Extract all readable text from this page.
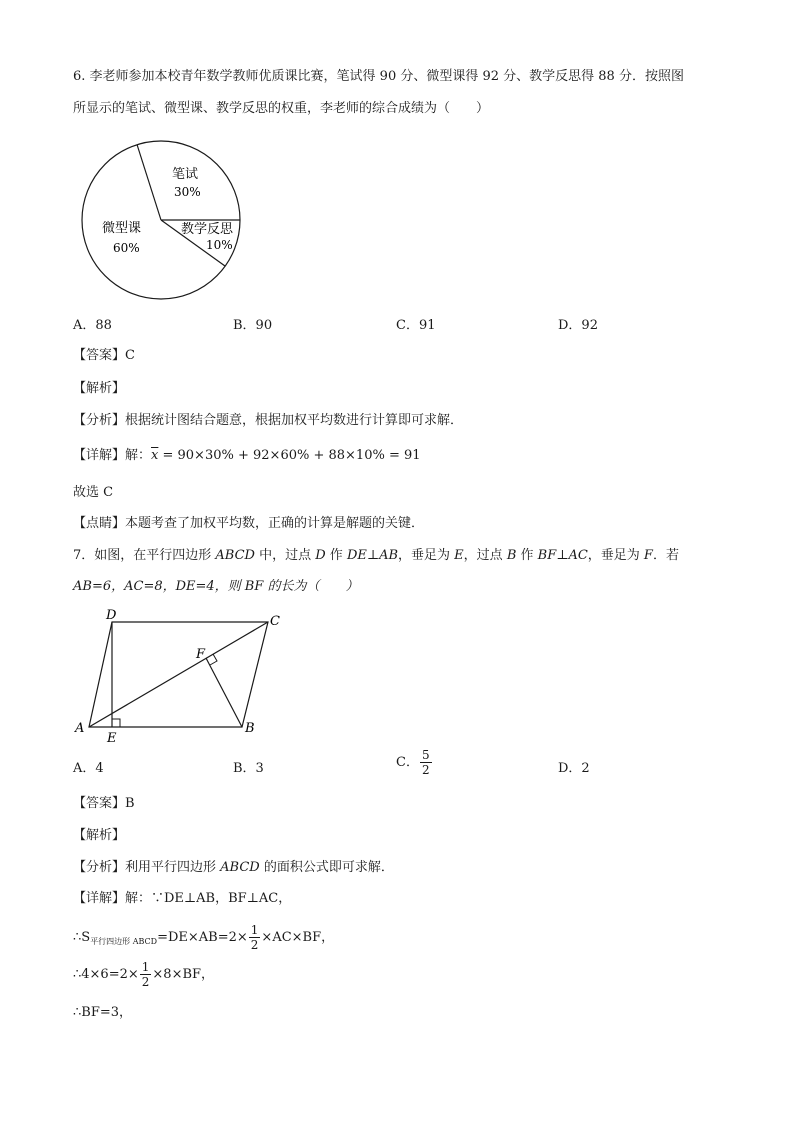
6. 李老师参加本校青年数学教师优质课比赛，笔试得 90 分、微型课得 92 分、教学反思得 88 分．按照图
所显示的笔试、微型课、教学反思的权重，李老师的综合成绩为（　　）
笔试
30%
教学反思
10%
微型课
60%
A．88	B．90	C．91	D．92
【答案】C
【解析】
【分析】根据统计图结合题意，根据加权平均数进行计算即可求解．
【详解】解：$\overline{x} = 90\times 30\% + 92\times 60\% + 88\times 10\% = 91$
故选 C
【点睛】本题考查了加权平均数，正确的计算是解题的关键．
7．如图，在平行四边形 ABCD 中，过点 D 作 DE⊥AB，垂足为 E，过点 B 作 BF⊥AC，垂足为 F．若
AB=6，AC=8，DE=4，则 BF 的长为（　　）
A	B
C
D
E
F
A．4	B．3	C． $\frac{5}{2}$	D．2
【答案】B
【解析】
【分析】利用平行四边形 ABCD 的面积公式即可求解．
【详解】解：∵DE⊥AB，BF⊥AC，
$\therefore S_{平行四边形 ABCD}=DE\times AB=2\times \frac{1}{2} \times AC\times BF$，
∴4×6=2× $\frac{1}{2} \times 8\times BF$，
∴BF=3，
